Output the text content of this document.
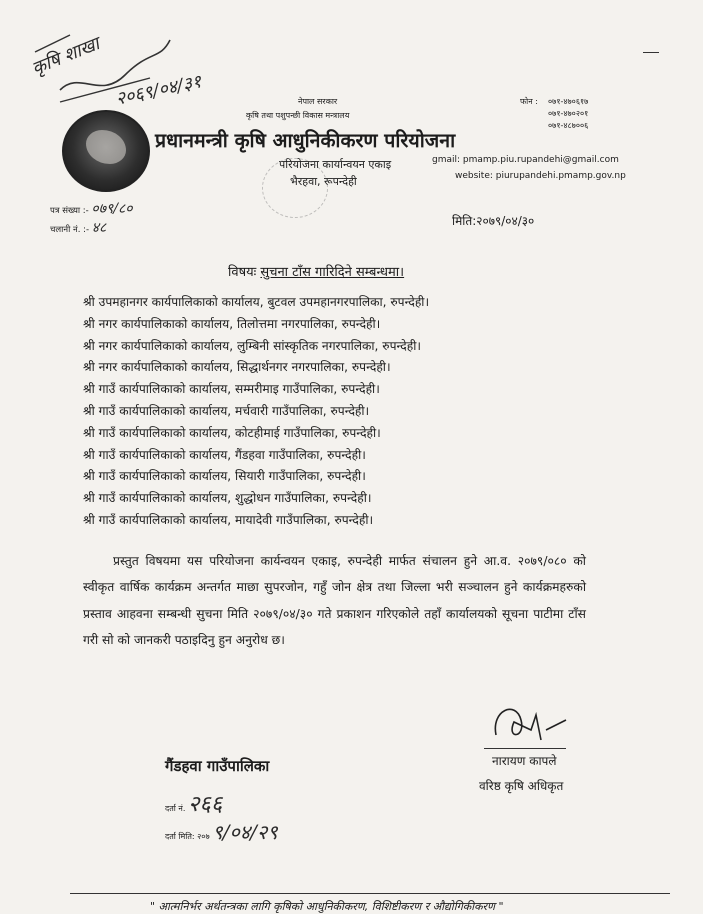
कृषि शाखा
२०६९/०४/३१	नेपाल सरकार
कृषि तथा पशुपन्छी विकास मन्त्रालय
प्रधानमन्त्री कृषि आधुनिकीकरण परियोजना
परियोजना कार्यान्वयन एकाइ
भैरहवा, रूपन्देही
फोन : ०७१-४७०६१७
०७१-४७०२०१
०७१-४८७००६
gmail: pmamp.piu.rupandehi@gmail.com
website: piurupandehi.pmamp.gov.np
पत्र संख्या :- ०७९/८०
चलानी नं. :- ४८	मिति:२०७९/०४/३०
विषयः सुचना टाँस गारिदिने सम्बन्धमा।
श्री उपमहानगर कार्यपालिकाको कार्यालय, बुटवल उपमहानगरपालिका, रुपन्देही।
श्री नगर कार्यपालिकाको कार्यालय, तिलोत्तमा नगरपालिका, रुपन्देही।
श्री नगर कार्यपालिकाको कार्यालय, लुम्बिनी सांस्कृतिक नगरपालिका, रुपन्देही।
श्री नगर कार्यपालिकाको कार्यालय, सिद्धार्थनगर नगरपालिका, रुपन्देही।
श्री गाउँ कार्यपालिकाको कार्यालय, सम्मरीमाइ गाउँपालिका, रुपन्देही।
श्री गाउँ कार्यपालिकाको कार्यालय, मर्चवारी गाउँपालिका, रुपन्देही।
श्री गाउँ कार्यपालिकाको कार्यालय, कोटहीमाई गाउँपालिका, रुपन्देही।
श्री गाउँ कार्यपालिकाको कार्यालय, गैंडहवा गाउँपालिका, रुपन्देही।
श्री गाउँ कार्यपालिकाको कार्यालय, सियारी गाउँपालिका, रुपन्देही।
श्री गाउँ कार्यपालिकाको कार्यालय, शुद्धोधन गाउँपालिका, रुपन्देही।
श्री गाउँ कार्यपालिकाको कार्यालय, मायादेवी गाउँपालिका, रुपन्देही।
प्रस्तुत विषयमा यस परियोजना कार्यन्वयन एकाइ, रुपन्देही मार्फत संचालन हुने आ.व. २०७९/०८० को स्वीकृत वार्षिक कार्यक्रम अन्तर्गत माछा सुपरजोन, गहुँ जोन क्षेत्र तथा जिल्ला भरी सञ्चालन हुने कार्यक्रमहरुको प्रस्ताव आहवना सम्बन्धी सुचना मिति २०७९/०४/३० गते प्रकाशन गरिएकोले तहाँ कार्यालयको सूचना पाटीमा टाँस गरी सो को जानकरी पठाइदिनु हुन अनुरोध छ।
नारायण कापले
वरिष्ठ कृषि अधिकृत
गैंडहवा गाउँपालिका
दर्ता नं. २६६
दर्ता मिति: २०७ ९/०४/२९
" आत्मनिर्भर अर्थतन्त्रका लागि कृषिको आधुनिकीकरण, विशिष्टीकरण र औद्योगिकीकरण "
